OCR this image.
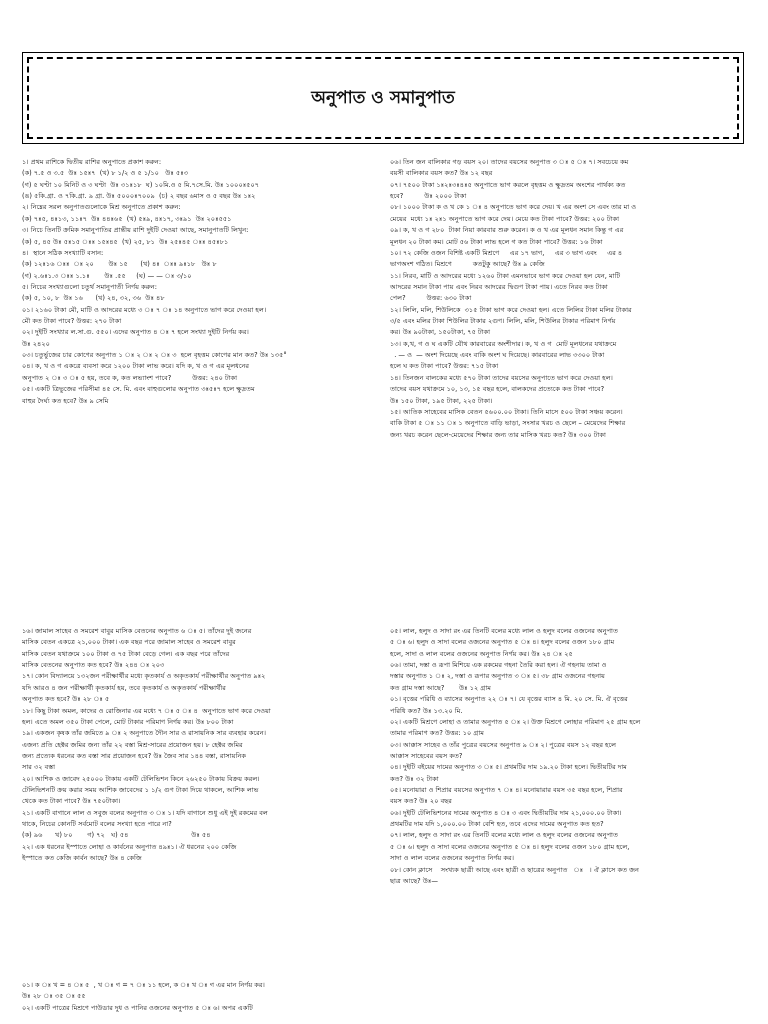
অনুপাত ও সমানুপাত

১। প্রথম রাশিকে দ্বিতীয় রাশির অনুপাতে প্রকাশ করুন:

(ক) ৭.৫ ও ৩.৫  উঃ ১৫ঃ৭  (খ) ৮ ১/২ ও ৫ ১/১০   উঃ ৫ঃ৩

(গ) ৫ ঘণ্টা ১০ মিনিট ও ৩ ঘণ্টা  উঃ ৩১ঃ১৮  ঘ) ১০মি.ও ৫ মি.৭সে.মি. উঃ ১০০০ঃ৫০৭

(ঙ) ৫কি.গ্রা. ও ৭কি.গ্রা. ৯ গ্রা. উঃ ৫০০০ঃ৭০০৯  (চ) ২ বছর ৬মাস ও ৫ বছর উঃ ১ঃ২

২। নিম্নের সরল অনুপাতগুলোকে মিশ্র অনুপাতে প্রকাশ করুন:

(ক) ৭ঃ৫, ৪ঃ১৩, ১১ঃ৭  উঃ ৪৪ঃ৬৫  (খ) ৫ঃ৯, ৪ঃ১৭, ৩ঃ৯১  উঃ ২০ঃ৫৫১

৩। নিচে তিনটি ক্রমিক সমানুপাতির প্রান্তীয় রাশি দুইটি দেওয়া আছে, সমানুপাতটি লিখুন:

(ক) ৫, ৪৫ উঃ ৫ঃ১৫ ঃঃ ১৫ঃ৪৫  (খ) ২৫, ৮১  উঃ ২৫ঃ৪৫ ঃঃ ৪৫ঃ৮১

৪।  স্থানে সঠিক সংখ্যাটি বসান:

(ক) ১২ঃ১৬ ঃঃ  ঃ ২০       উঃ ১৫      (খ) ৪ঃ  ঃঃ ৯ঃ১৮   উঃ ৮

(গ) ২.৬ঃ১.৩ ঃঃ ১.১ঃ       উঃ .৫৫     (ঘ) — — ঃ ৩/১০

৫। নিচের সংখ্যাগুলো চতুর্থ সমানুপাতী নির্ণয় করুন:

(ক) ৫, ১০, ৮  উঃ ১৬      (খ) ২৪, ৩২, ৩৬  উঃ ৪৮

০১। ২১৬০ টাকা মৌ, মাটি ও আদরের মধ্যে ৩ ঃ ৭ ঃ ১৪ অনুপাতে ভাগ করে দেওয়া হল।

মৌ কত টাকা পাবে? উত্তর: ২৭০ টাকা

০২। দুইটি সংখ্যার ল.সা.গু. ৫৫০। এদের অনুপাত ৪ ঃ ৭ হলে সংখ্যা দুইটি নির্ণয় কর।

উঃ ২৪২০

০৩। চতুর্ভুজের চার কোণের অনুপাত ১ ঃ ২ ঃ ২ ঃ ৩  হলে বৃহত্তম কোণের মান কত? উঃ ১৩৫°

০৪। ক, খ ও গ একত্রে ব্যবসা করে ১২০০ টাকা লাভ করে। যদি ক, খ ও গ এর মূলধনের

অনুপাত ২ ঃ ৩ ঃ ৫ হয়, তবে ক, কত লভ্যাংশ পাবে?          উত্তর: ২৪০ টাকা

০৫। একটি ত্রিভুজের পরিসীমা ৪৫ সে. মি. এবং বাহুগুলোর অনুপাত ৩ঃ৫ঃ৭ হলে ক্ষুদ্রতম

বাহুর দৈর্ঘ্য কত হবে? উঃ ৯ সেমি

০৬। তিন জন বালিকার গড় বয়স ২০। তাদের বয়সের অনুপাত ৩ ঃ ৫ ঃ ৭। সবচেয়ে কম

বয়সী বালিকার বয়স কত? উঃ ১২ বছর

০৭। ৭৫০০ টাকা ১ঃ২ঃ৩ঃ৪ঃ৫ অনুপাতে ভাগ করলে বৃহত্তম ও ক্ষুদ্রতম অংশের পার্থক্য কত

হবে?          উঃ ২০০০ টাকা

০৮। ১০০০ টাকা ক ও খ কে ১ ঃ ৪ অনুপাতে ভাগ করে দেয়। খ এর অংশ সে এবং তার মা ও

মেয়ের  মধ্যে ১ঃ ২ঃ১ অনুপাতে ভাগ করে দেয়। মেয়ে কত টাকা পাবে? উত্তর: ২০০ টাকা

০৯। ক, খ ও গ ২৮০  টাকা নিয়া কারবার শুরু করেন। ক ও খ এর মূলধন সমান কিন্তু গ এর

মূলধন ২০ টাকা কম। মোট ৫৬ টাকা লাভ হলে গ কত টাকা পাবে? উত্তর: ১৬ টাকা

১০। ৭২ কেজি ওজন বিশিষ্ট একটি মিশ্রণে     এর ১৭ ভাগ,     এর ৩ ভাগ এবং     এর ৪

ভাগঅংশ গঠিত। মিশ্রণে          কতটুকু আছে? উঃ ৯ কেজি

১১। নিরব, মাটি ও আদরের মধ্যে ১২৬০ টাকা এমনভাবে ভাগ করে দেওয়া হল যেন, মাটি

আদরের সমান টাকা পায় এবং নিরব আদরের দ্বিগুণ টাকা পায়। এতে নিরব কত টাকা

পেল?          উত্তর: ৬৩০ টাকা

১২। লিলি, মলি, শিউলিকে  ৩১৫ টাকা ভাগ করে দেওয়া হল। এতে লিলির টাকা মলির টাকার

৩/৫ এবং মলির টাকা শিউলির টাকার ২গুণ। লিলি, মলি, শিউলির টাকার পরিমাণ নির্ণয়

কর। উঃ ৯০টাকা, ১৫০টাকা, ৭৫ টাকা

১৩। ক,খ, গ ও ঘ একটি যৌথ কারবারের অংশীদার। ক, খ ও গ  মোট মূলধনের যথাক্রমে

. — ও  — অংশ দিয়েছে এবং বাকি অংশ ঘ দিয়েছে। কারবারের লাভ ৩৩০০ টাকা

হলে ঘ কত টাকা পাবে? উত্তর: ৭১৫ টাকা

১৪। তিনজন বালকের মধ্যে ৫৭০ টাকা তাদের বয়সের অনুপাতে ভাগ করে দেওয়া হল।

তাদের বয়স যথাক্রমে ১০, ১৩, ১৫ বছর হলে, বালকদের প্রত্যেকে কত টাকা পাবে?

উঃ ১৫০ টাকা, ১৯৫ টাকা, ২২৫ টাকা।

১৫। আতিক সাহেবের মাসিক বেতন ৫৬০০.০০ টাকা। তিনি মাসে ৫০০ টাকা সঞ্চয় করেন।

বাকি টাকা ৫ ঃ ১১ ঃ ১ অনুপাতে বাড়ি ভাড়া, সংসার খরচ ও ছেলে – মেয়েদের শিক্ষার

জন্য খরচ করেন ছেলে-মেয়েদের শিক্ষার জন্য তার মাসিক খরচ কত? উঃ ৩০০ টাকা

১৬। জামাল সাহেব ও সমরেশ বাবুর মাসিক বেতনের অনুপাত ৬ ঃ ৫। তাঁদের দুই জনের

মাসিক বেতন একত্রে ২১,০০০ টাকা। এক বছর পরে জামাল সাহেব ও সমরেশ বাবুর

মাসিক বেতন যথাক্রমে ১০০ টাকা ও ৭৫ টাকা বেড়ে গেল। এক বছর পরে তাঁদের

মাসিক বেতনের অনুপাত কত হবে? উঃ ২৪৪ ঃ ২০৩

১৭। কোন বিদ্যালয়ে ১৩২জন পরীক্ষার্থীর মধ্যে কৃতকার্য ও অকৃতকার্য পরীক্ষার্থীর অনুপাত ৯ঃ২

যদি আরও ৪ জন পরীক্ষার্থী কৃতকার্য হয়, তবে কৃতকার্য ও অকৃতকার্য পরীক্ষার্থীর

অনুপাত কত হবে? উঃ ২৮ ঃ ৫

১৮। কিছু টাকা অমল, কাদের ও রোজিনার এর মধ্যে ৭ ঃ ৫ ঃ ৪  অনুপাতে ভাগ করে দেওয়া

হল। এতে অমল ৩৫০ টাকা পেলে, মোট টাকার পরিমাণ নির্ণয় কর। উঃ ৮০০ টাকা

১৯। একজন কৃষক তাঁর জমিতে ৯ ঃ ২ অনুপাতে দৈৗন সার ও রাসায়নিক সার ব্যবহার করেন।

এজন্য প্রতি হেক্টর জমির জন্য তাঁর ২২ বস্তা মিশ্র-সারের প্রয়োজন হয়। ৮ হেক্টর জমির

জন্য প্রত্যেক ধরনের কত বস্তা সার প্রয়োজন হবে? উঃ জৈব সার ১৪৪ বস্তা, রাসায়নিক

সার ৩২ বস্তা

২০। আশিক ও জাবেদ ২৫০০০ টাকায় একটি টেলিভিশন কিনে ২৬২৫০ টাকায় বিক্রয় করল।

টেলিভিশনটি ক্রয় করার সময় আশিক জাবেদের ১ ১/২ গুণ টাকা দিয়ে থাকলে, আশিক লাভ

থেকে কত টাকা পাবে? উঃ ৭৫০টাকা।

২১। একটি বাগানে লাল ও সবুজ বলের অনুপাত ৩ ঃ ১। যদি বাগানে শুধু এই দুই রকমের বল

থাকে, নিচের কোনটি সর্বমোট বলের সংখ্যা হতে পারে না?

(ক) ৯৬      খ) ৮০       গ) ৭২   ঘ) ৫৪                              উঃ ৫৪

২২। এক ধরনের ইস্পাতে লোহা ও কার্বনের অনুপাত ৪৯ঃ১। ঐ ধরনের ২০০ কেজি

ইস্পাতে কত কেজি কার্বন আছে? উঃ ৪ কেজি

০৫। লাল, হলুদ ও সাদা রং এর তিনটি বলের মধ্যে লাল ও হলুদ বলের ওজনের অনুপাত

৫ ঃ ৬। হলুদ ও সাদা বলের ওজনের অনুপাত ৫ ঃ ৪। হলুদ বলের ওজন ১৮০ গ্রাম

হলে, সাদা ও লাল বলের ওজনের অনুপাত নির্ণয় কর। উঃ ২৪ ঃ ২৫

০৬। তামা, দস্তা ও রূপা মিশিয়ে এক রকমের গহনা তৈরি করা হল। ঐ গহনায় তামা ও

দস্তার অনুপাত ১ ঃ ২, দস্তা ও রূপার অনুপাত ৩ ঃ ৫। ৩৮ গ্রাম ওজনের গহনায়

কত গ্রাম দস্তা আছে?       উঃ ১২ গ্রাম

০১। বৃত্তের পরিধি ও ব্যাসের অনুপাত ২২ ঃ ৭। যে বৃত্তের ব্যাস ৪ মি. ২০ সে. মি. ঐ বৃত্তের

পরিধি কত? উঃ ১৩.২০ মি.

০২। একটি মিশ্রণে লোহা ও তামার অনুপাত ৫ ঃ ২। উক্ত মিশ্রণে লোহার পরিমাণ ২৫ গ্রাম হলে

তামার পরিমাণ কত? উত্তর: ১০ গ্রাম

০৩। আক্কাস সাহেব ও তাঁর পুত্রের বয়সের অনুপাত ৯ ঃ ২। পুত্রের বয়স ১২ বছর হলে

আক্কাস সাহেবের বয়স কত?

০৪। দুইটি বইয়ের দামের অনুপাত ৩ ঃ ৫। প্রথমটির দাম ১৯.২০ টাকা হলে। দ্বিতীয়টির দাম

কত? উঃ ৩২ টাকা

০৫। মনোয়ারা ও শিপ্রার বয়সের অনুপাত ৭ ঃ ৪। মনোয়ারার বয়স ৩৫ বছর হলে, শিপ্রার

বয়স কত? উঃ ২০ বছর

০৬। দুইটি টেলিভিশনের দামের অনুপাত ৪ ঃ ৩ এবং দ্বিতীয়টির দাম ২১,০০০.০০ টাকা।

প্রথমটির দাম যদি ১,০০০.০০ টাকা বেশি হত, তবে এদের দামের অনুপাত কত হত?

০৭। লাল, হলুদ ও সাদা রং এর তিনটি বলের মধ্যে লাল ও হলুদ বলের ওজনের অনুপাত

৫ ঃ ৬। হলুদ ও সাদা বলের ওজনের অনুপাত ৫ ঃ ৪। হলুদ বলের ওজন ১৮০ গ্রাম হলে,

সাদা ও লাল বলের ওজনের অনুপাত নির্ণয় কর।

০৮। কোন ক্লাসে    সংখ্যক ছাত্রী আছে এবং ছাত্রী ও ছাত্রের অনুপাত   ঃ   । ঐ ক্লাসে কত জন

ছাত্র আছে? উঃ—

০১। ক ঃ খ = ৪ ঃ ৫  , খ ঃ গ = ৭ ঃ ১১ হলে, ক ঃ খ ঃ গ এর মান নির্ণয় কর।

উঃ ২৮ ঃ ৩৫ ঃ ৫৫

০২। একটি পাত্রের মিশ্রণে পাউডার দুধ ও পানির ওজনের অনুপাত ৫ ঃ ৬। অপর একটি
